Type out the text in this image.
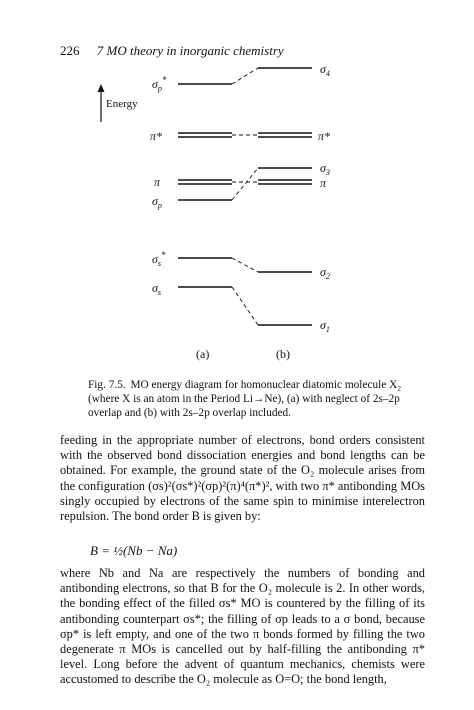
226 7 MO theory in inorganic chemistry
$\sigma_p^*$
π*
π
$\sigma_p$
$\sigma_s^*$
$\sigma_s$
$\sigma_4$
π*
$\sigma_3$
π
$\sigma_2$
$\sigma_1$
(a)	(b)
Energy
Fig. 7.5. MO energy diagram for homonuclear diatomic molecule X₂ (where X is an atom in the Period Li→Ne), (a) with neglect of 2s–2p overlap and (b) with 2s–2p overlap included.
feeding in the appropriate number of electrons, bond orders consistent with the observed bond dissociation energies and bond lengths can be obtained. For example, the ground state of the O₂ molecule arises from the configuration (σs)²(σs*)²(σp)²(π)⁴(π*)², with two π* antibonding MOs singly occupied by electrons of the same spin to minimise interelectron repulsion. The bond order B is given by:
B = ½(Nb − Na)
where Nb and Na are respectively the numbers of bonding and antibonding electrons, so that B for the O₂ molecule is 2. In other words, the bonding effect of the filled σs* MO is countered by the filling of its antibonding counterpart σs*; the filling of σp leads to a σ bond, because σp* is left empty, and one of the two π bonds formed by filling the two degenerate π MOs is cancelled out by half-filling the antibonding π* level. Long before the advent of quantum mechanics, chemists were accustomed to describe the O₂ molecule as O=O; the bond length,
